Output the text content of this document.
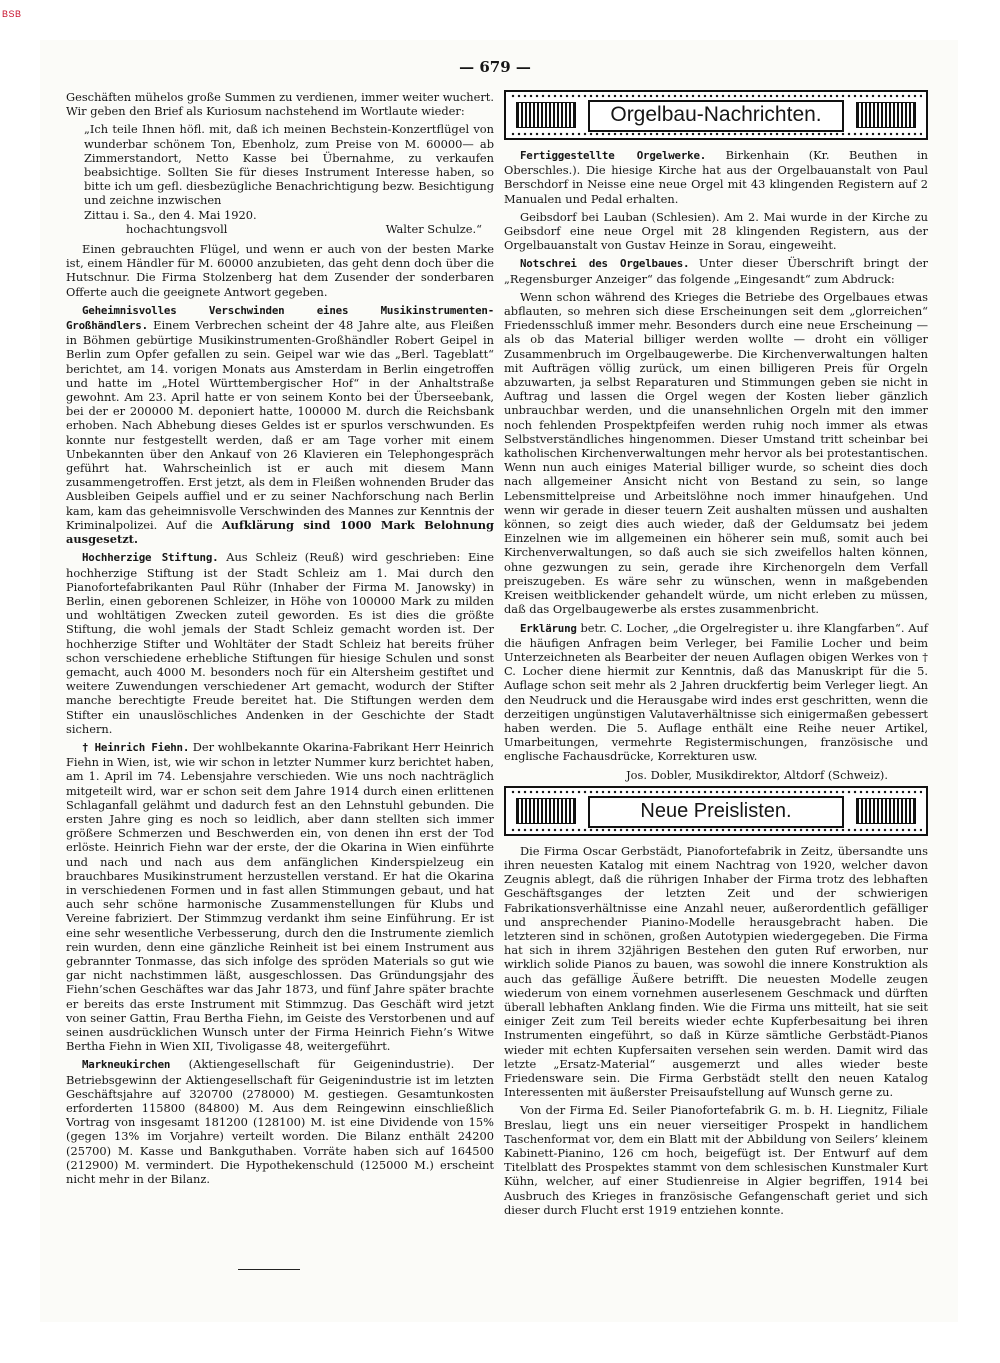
BSB
— 679 —

Geschäften mühelos große Summen zu verdienen, immer weiter wuchert. Wir geben den Brief als Kuriosum nachstehend im Wortlaute wieder:

„Ich teile Ihnen höfl. mit, daß ich meinen Bechstein-Konzertflügel von wunderbar schönem Ton, Ebenholz, zum Preise von M. 60000— ab Zimmerstandort, Netto Kasse bei Übernahme, zu verkaufen beabsichtige. Sollten Sie für dieses Instrument Interesse haben, so bitte ich um gefl. diesbezügliche Benachrichtigung bezw. Besichtigung und zeichne inzwischen

Zittau i. Sa., den 4. Mai 1920.

hochachtungsvoll	Walter Schulze.“

Einen gebrauchten Flügel, und wenn er auch von der besten Marke ist, einem Händler für M. 60000 anzubieten, das geht denn doch über die Hutschnur. Die Firma Stolzenberg hat dem Zusender der sonderbaren Offerte auch die geeignete Antwort gegeben.

Geheimnisvolles Verschwinden eines Musikinstrumenten-Großhändlers. Einem Verbrechen scheint der 48 Jahre alte, aus Fleißen in Böhmen gebürtige Musikinstrumenten-Großhändler Robert Geipel in Berlin zum Opfer gefallen zu sein. Geipel war wie das „Berl. Tageblatt“ berichtet, am 14. vorigen Monats aus Amsterdam in Berlin eingetroffen und hatte im „Hotel Württembergischer Hof“ in der Anhaltstraße gewohnt. Am 23. April hatte er von seinem Konto bei der Überseebank, bei der er 200000 M. deponiert hatte, 100000 M. durch die Reichsbank erhoben. Nach Abhebung dieses Geldes ist er spurlos verschwunden. Es konnte nur festgestellt werden, daß er am Tage vorher mit einem Unbekannten über den Ankauf von 26 Klavieren ein Telephongespräch geführt hat. Wahrscheinlich ist er auch mit diesem Mann zusammengetroffen. Erst jetzt, als dem in Fleißen wohnenden Bruder das Ausbleiben Geipels auffiel und er zu seiner Nachforschung nach Berlin kam, kam das geheimnisvolle Verschwinden des Mannes zur Kenntnis der Kriminalpolizei. Auf die Aufklärung sind 1000 Mark Belohnung ausgesetzt.

Hochherzige Stiftung. Aus Schleiz (Reuß) wird geschrieben: Eine hochherzige Stiftung ist der Stadt Schleiz am 1. Mai durch den Pianofortefabrikanten Paul Rühr (Inhaber der Firma M. Janowsky) in Berlin, einen geborenen Schleizer, in Höhe von 100000 Mark zu milden und wohltätigen Zwecken zuteil geworden. Es ist dies die größte Stiftung, die wohl jemals der Stadt Schleiz gemacht worden ist. Der hochherzige Stifter und Wohltäter der Stadt Schleiz hat bereits früher schon verschiedene erhebliche Stiftungen für hiesige Schulen und sonst gemacht, auch 4000 M. besonders noch für ein Altersheim gestiftet und weitere Zuwendungen verschiedener Art gemacht, wodurch der Stifter manche berechtigte Freude bereitet hat. Die Stiftungen werden dem Stifter ein unauslöschliches Andenken in der Geschichte der Stadt sichern.

† Heinrich Fiehn. Der wohlbekannte Okarina-Fabrikant Herr Heinrich Fiehn in Wien, ist, wie wir schon in letzter Nummer kurz berichtet haben, am 1. April im 74. Lebensjahre verschieden. Wie uns noch nachträglich mitgeteilt wird, war er schon seit dem Jahre 1914 durch einen erlittenen Schlaganfall gelähmt und dadurch fest an den Lehnstuhl gebunden. Die ersten Jahre ging es noch so leidlich, aber dann stellten sich immer größere Schmerzen und Beschwerden ein, von denen ihn erst der Tod erlöste. Heinrich Fiehn war der erste, der die Okarina in Wien einführte und nach und nach aus dem anfänglichen Kinderspielzeug ein brauchbares Musikinstrument herzustellen verstand. Er hat die Okarina in verschiedenen Formen und in fast allen Stimmungen gebaut, und hat auch sehr schöne harmonische Zusammenstellungen für Klubs und Vereine fabriziert. Der Stimmzug verdankt ihm seine Einführung. Er ist eine sehr wesentliche Verbesserung, durch den die Instrumente ziemlich rein wurden, denn eine gänzliche Reinheit ist bei einem Instrument aus gebrannter Tonmasse, das sich infolge des spröden Materials so gut wie gar nicht nachstimmen läßt, ausgeschlossen. Das Gründungsjahr des Fiehn’schen Geschäftes war das Jahr 1873, und fünf Jahre später brachte er bereits das erste Instrument mit Stimmzug. Das Geschäft wird jetzt von seiner Gattin, Frau Bertha Fiehn, im Geiste des Verstorbenen und auf seinen ausdrücklichen Wunsch unter der Firma Heinrich Fiehn’s Witwe Bertha Fiehn in Wien XII, Tivoligasse 48, weitergeführt.

Markneukirchen (Aktiengesellschaft für Geigenindustrie). Der Betriebsgewinn der Aktiengesellschaft für Geigenindustrie ist im letzten Geschäftsjahre auf 320700 (278000) M. gestiegen. Gesamtunkosten erforderten 115800 (84800) M. Aus dem Reingewinn einschließlich Vortrag von insgesamt 181200 (128100) M. ist eine Dividende von 15% (gegen 13% im Vorjahre) verteilt worden. Die Bilanz enthält 24200 (25700) M. Kasse und Bankguthaben. Vorräte haben sich auf 164500 (212900) M. vermindert. Die Hypothekenschuld (125000 M.) erscheint nicht mehr in der Bilanz.

Orgelbau-Nachrichten.

Fertiggestellte Orgelwerke. Birkenhain (Kr. Beuthen in Oberschles.). Die hiesige Kirche hat aus der Orgelbauanstalt von Paul Berschdorf in Neisse eine neue Orgel mit 43 klingenden Registern auf 2 Manualen und Pedal erhalten.

Geibsdorf bei Lauban (Schlesien). Am 2. Mai wurde in der Kirche zu Geibsdorf eine neue Orgel mit 28 klingenden Registern, aus der Orgelbauanstalt von Gustav Heinze in Sorau, eingeweiht.

Notschrei des Orgelbaues. Unter dieser Überschrift bringt der „Regensburger Anzeiger“ das folgende „Eingesandt“ zum Abdruck:

Wenn schon während des Krieges die Betriebe des Orgelbaues etwas abflauten, so mehren sich diese Erscheinungen seit dem „glorreichen“ Friedensschluß immer mehr. Besonders durch eine neue Erscheinung — als ob das Material billiger werden wollte — droht ein völliger Zusammenbruch im Orgelbaugewerbe. Die Kirchenverwaltungen halten mit Aufträgen völlig zurück, um einen billigeren Preis für Orgeln abzuwarten, ja selbst Reparaturen und Stimmungen geben sie nicht in Auftrag und lassen die Orgel wegen der Kosten lieber gänzlich unbrauchbar werden, und die unansehnlichen Orgeln mit den immer noch fehlenden Prospektpfeifen werden ruhig noch immer als etwas Selbstverständliches hingenommen. Dieser Umstand tritt scheinbar bei katholischen Kirchenverwaltungen mehr hervor als bei protestantischen. Wenn nun auch einiges Material billiger wurde, so scheint dies doch nach allgemeiner Ansicht nicht von Bestand zu sein, so lange Lebensmittelpreise und Arbeitslöhne noch immer hinaufgehen. Und wenn wir gerade in dieser teuern Zeit aushalten müssen und aushalten können, so zeigt dies auch wieder, daß der Geldumsatz bei jedem Einzelnen wie im allgemeinen ein höherer sein muß, somit auch bei Kirchenverwaltungen, so daß auch sie sich zweifellos halten können, ohne gezwungen zu sein, gerade ihre Kirchenorgeln dem Verfall preiszugeben. Es wäre sehr zu wünschen, wenn in maßgebenden Kreisen weitblickender gehandelt würde, um nicht erleben zu müssen, daß das Orgelbaugewerbe als erstes zusammenbricht.

Erklärung betr. C. Locher, „die Orgelregister u. ihre Klangfarben“. Auf die häufigen Anfragen beim Verleger, bei Familie Locher und beim Unterzeichneten als Bearbeiter der neuen Auflagen obigen Werkes von † C. Locher diene hiermit zur Kenntnis, daß das Manuskript für die 5. Auflage schon seit mehr als 2 Jahren druckfertig beim Verleger liegt. An den Neudruck und die Herausgabe wird indes erst geschritten, wenn die derzeitigen ungünstigen Valutaverhältnisse sich einigermaßen gebessert haben werden. Die 5. Auflage enthält eine Reihe neuer Artikel, Umarbeitungen, vermehrte Registermischungen, französische und englische Fachausdrücke, Korrekturen usw.

Jos. Dobler, Musikdirektor, Altdorf (Schweiz).

Neue Preislisten.

Die Firma Oscar Gerbstädt, Pianofortefabrik in Zeitz, übersandte uns ihren neuesten Katalog mit einem Nachtrag von 1920, welcher davon Zeugnis ablegt, daß die rührigen Inhaber der Firma trotz des lebhaften Geschäftsganges der letzten Zeit und der schwierigen Fabrikationsverhältnisse eine Anzahl neuer, außerordentlich gefälliger und ansprechender Pianino-Modelle herausgebracht haben. Die letzteren sind in schönen, großen Autotypien wiedergegeben. Die Firma hat sich in ihrem 32jährigen Bestehen den guten Ruf erworben, nur wirklich solide Pianos zu bauen, was sowohl die innere Konstruktion als auch das gefällige Äußere betrifft. Die neuesten Modelle zeugen wiederum von einem vornehmen auserlesenem Geschmack und dürften überall lebhaften Anklang finden. Wie die Firma uns mitteilt, hat sie seit einiger Zeit zum Teil bereits wieder echte Kupferbesaitung bei ihren Instrumenten eingeführt, so daß in Kürze sämtliche Gerbstädt-Pianos wieder mit echten Kupfersaiten versehen sein werden. Damit wird das letzte „Ersatz-Material“ ausgemerzt und alles wieder beste Friedensware sein. Die Firma Gerbstädt stellt den neuen Katalog Interessenten mit äußerster Preisaufstellung auf Wunsch gerne zu.

Von der Firma Ed. Seiler Pianofortefabrik G. m. b. H. Liegnitz, Filiale Breslau, liegt uns ein neuer vierseitiger Prospekt in handlichem Taschenformat vor, dem ein Blatt mit der Abbildung von Seilers’ kleinem Kabinett-Pianino, 126 cm hoch, beigefügt ist. Der Entwurf auf dem Titelblatt des Prospektes stammt von dem schlesischen Kunstmaler Kurt Kühn, welcher, auf einer Studienreise in Algier begriffen, 1914 bei Ausbruch des Krieges in französische Gefangenschaft geriet und sich dieser durch Flucht erst 1919 entziehen konnte.
